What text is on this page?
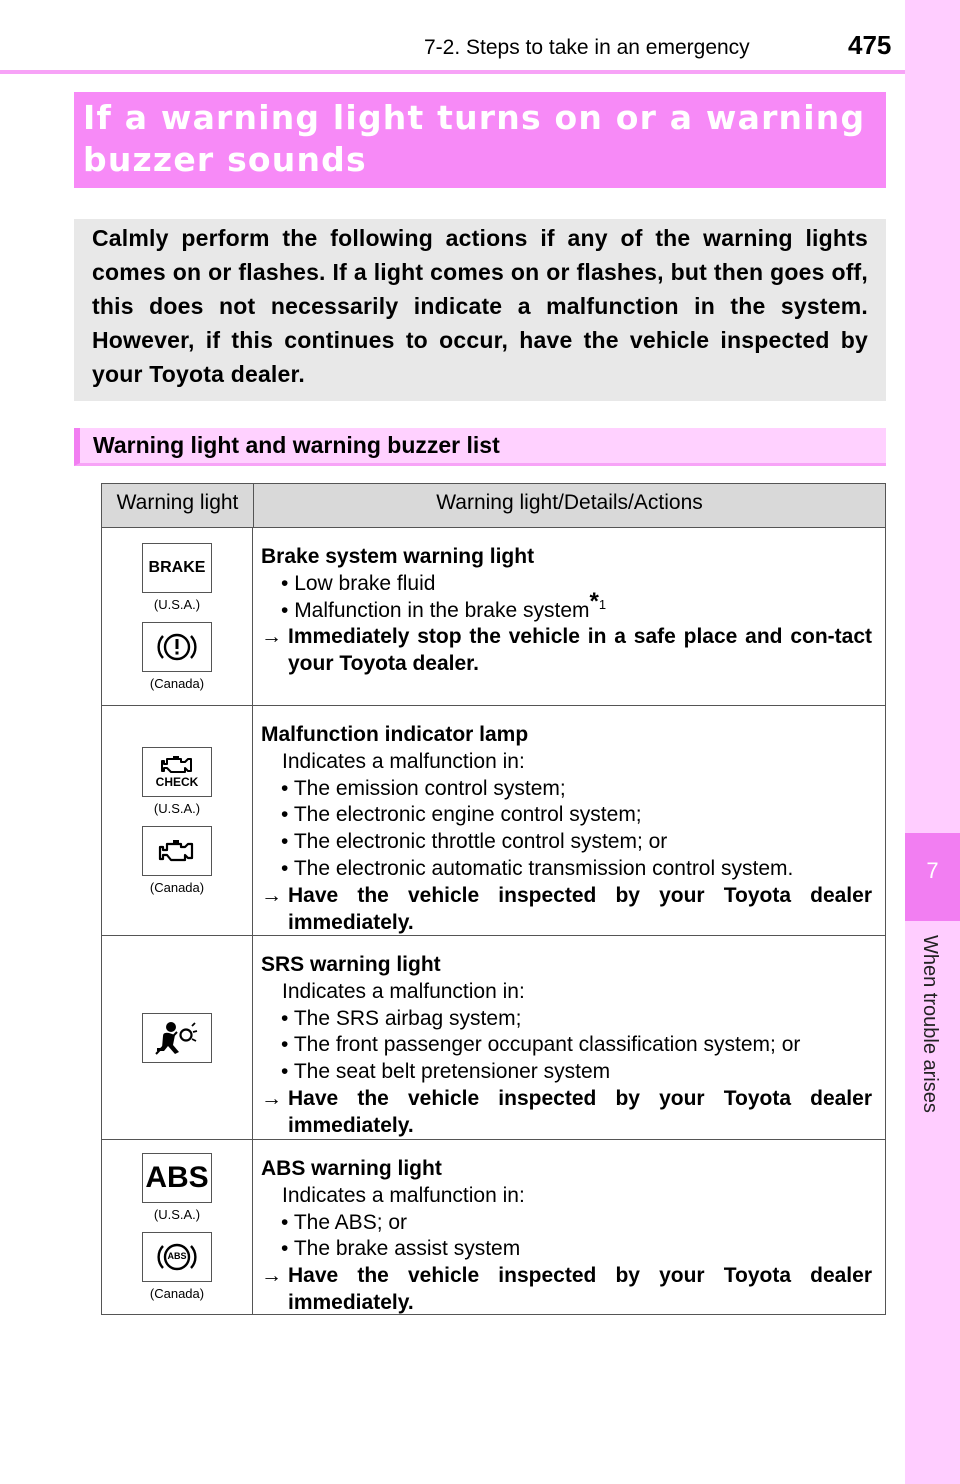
7-2. Steps to take in an emergency	475
7
When trouble arises
If a warning light turns on or a warning buzzer sounds

Calmly perform the following actions if any of the warning lights comes on or flashes. If a light comes on or flashes, but then goes off, this does not necessarily indicate a malfunction in the system. However, if this continues to occur, have the vehicle inspected by your Toyota dealer.

Warning light and warning buzzer list
Warning light	Warning light/Details/Actions
BRAKE
(U.S.A.)
(Canada)
Brake system warning light
• Low brake fluid
• Malfunction in the brake system$^{*1}$
→ Immediately stop the vehicle in a safe place and con-tact your Toyota dealer.
CHECK
(U.S.A.)
(Canada)
Malfunction indicator lamp
Indicates a malfunction in:
• The emission control system;
• The electronic engine control system;
• The electronic throttle control system; or
• The electronic automatic transmission control system.
→ Have the vehicle inspected by your Toyota dealer immediately.
SRS warning light
Indicates a malfunction in:
• The SRS airbag system;
• The front passenger occupant classification system; or
• The seat belt pretensioner system
→ Have the vehicle inspected by your Toyota dealer immediately.
ABS
(U.S.A.)
ABS
(Canada)
ABS warning light
Indicates a malfunction in:
• The ABS; or
• The brake assist system
→ Have the vehicle inspected by your Toyota dealer immediately.
